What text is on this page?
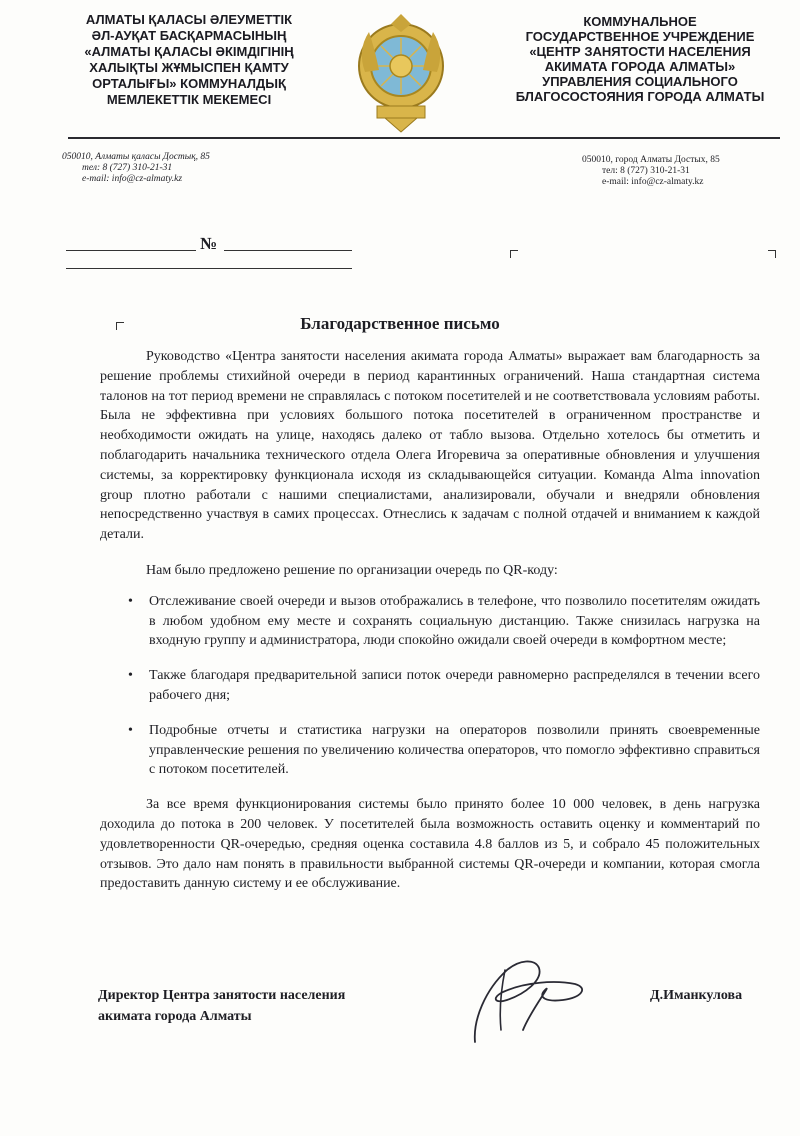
АЛМАТЫ ҚАЛАСЫ ӘЛЕУМЕТТІК
ӘЛ-АУҚАТ БАСҚАРМАСЫНЫҢ
«АЛМАТЫ ҚАЛАСЫ ӘКІМДІГІНІҢ
ХАЛЫҚТЫ ЖҰМЫСПЕН ҚАМТУ
ОРТАЛЫҒЫ» КОММУНАЛДЫҚ
МЕМЛЕКЕТТІК МЕКЕМЕСІ
КОММУНАЛЬНОЕ
ГОСУДАРСТВЕННОЕ УЧРЕЖДЕНИЕ
«ЦЕНТР ЗАНЯТОСТИ НАСЕЛЕНИЯ
АКИМАТА ГОРОДА АЛМАТЫ»
УПРАВЛЕНИЯ СОЦИАЛЬНОГО
БЛАГОСОСТОЯНИЯ ГОРОДА АЛМАТЫ
050010, Алматы қаласы Достық, 85
тел: 8 (727) 310-21-31
e-mail: info@cz-almaty.kz
050010, город Алматы Достых, 85
тел: 8 (727) 310-21-31
e-mail: info@cz-almaty.kz
№
Благодарственное письмо

Руководство «Центра занятости населения акимата города Алматы» выражает вам благодарность за решение проблемы стихийной очереди в период карантинных ограничений. Наша стандартная система талонов на тот период времени не справлялась с потоком посетителей и не соответствовала условиям работы. Была не эффективна при условиях большого потока посетителей в ограниченном пространстве и необходимости ожидать на улице, находясь далеко от табло вызова. Отдельно хотелось бы отметить и поблагодарить начальника технического отдела Олега Игоревича за оперативные обновления и улучшения системы, за корректировку функционала исходя из складывающейся ситуации. Команда Alma innovation group плотно работали с нашими специалистами, анализировали, обучали и внедряли обновления непосредственно участвуя в самих процессах. Отнеслись к задачам с полной отдачей и вниманием к каждой детали.

Нам было предложено решение по организации очередь по QR-коду:

• Отслеживание своей очереди и вызов отображались в телефоне, что позволило посетителям ожидать в любом удобном ему месте и сохранять социальную дистанцию. Также снизилась нагрузка на входную группу и администратора, люди спокойно ожидали своей очереди в комфортном месте;
• Также благодаря предварительной записи поток очереди равномерно распределялся в течении всего рабочего дня;
• Подробные отчеты и статистика нагрузки на операторов позволили принять своевременные управленческие решения по увеличению количества операторов, что помогло эффективно справиться с потоком посетителей.

За все время функционирования системы было принято более 10 000 человек, в день нагрузка доходила до потока в 200 человек. У посетителей была возможность оставить оценку и комментарий по удовлетворенности QR-очередью, средняя оценка составила 4.8 баллов из 5, и собрало 45 положительных отзывов. Это дало нам понять в правильности выбранной системы QR-очереди и компании, которая смогла предоставить данную систему и ее обслуживание.

Директор Центра занятости населения
акимата города Алматы
Д.Иманкулова
